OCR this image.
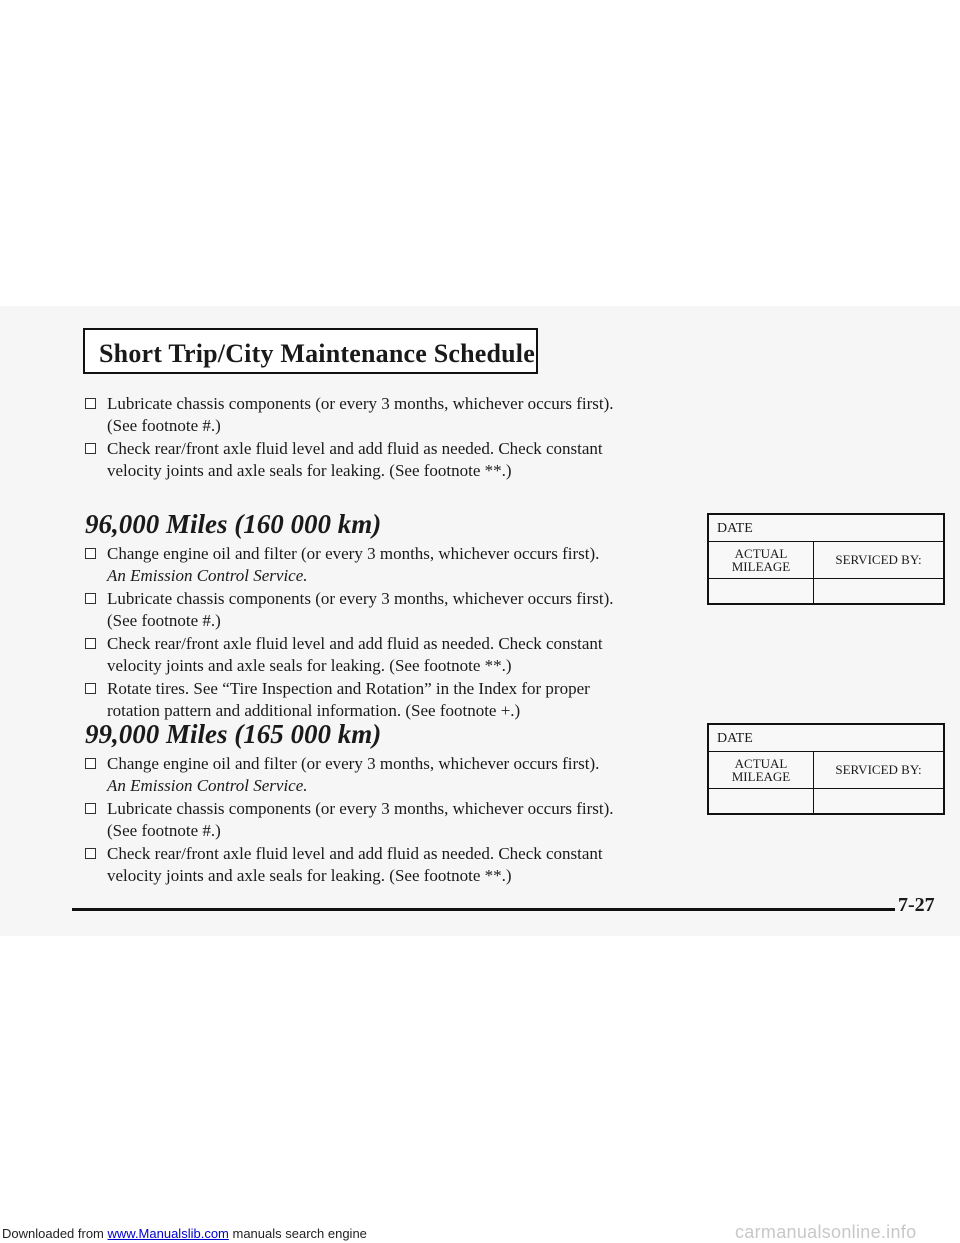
Short Trip/City Maintenance Schedule
Lubricate chassis components (or every 3 months, whichever occurs first).
(See footnote #.)
Check rear/front axle fluid level and add fluid as needed. Check constant
velocity joints and axle seals for leaking. (See footnote **.)
96,000 Miles (160 000 km)
Change engine oil and filter (or every 3 months, whichever occurs first).
An Emission Control Service.
Lubricate chassis components (or every 3 months, whichever occurs first).
(See footnote #.)
Check rear/front axle fluid level and add fluid as needed. Check constant
velocity joints and axle seals for leaking. (See footnote **.)
Rotate tires. See “Tire Inspection and Rotation” in the Index for proper
rotation pattern and additional information. (See footnote +.)
DATE
ACTUAL
MILEAGE	SERVICED BY:
99,000 Miles (165 000 km)
Change engine oil and filter (or every 3 months, whichever occurs first).
An Emission Control Service.
Lubricate chassis components (or every 3 months, whichever occurs first).
(See footnote #.)
Check rear/front axle fluid level and add fluid as needed. Check constant
velocity joints and axle seals for leaking. (See footnote **.)
DATE
ACTUAL
MILEAGE	SERVICED BY:
7-27
Downloaded from www.Manualslib.com manuals search engine	carmanualsonline.info
